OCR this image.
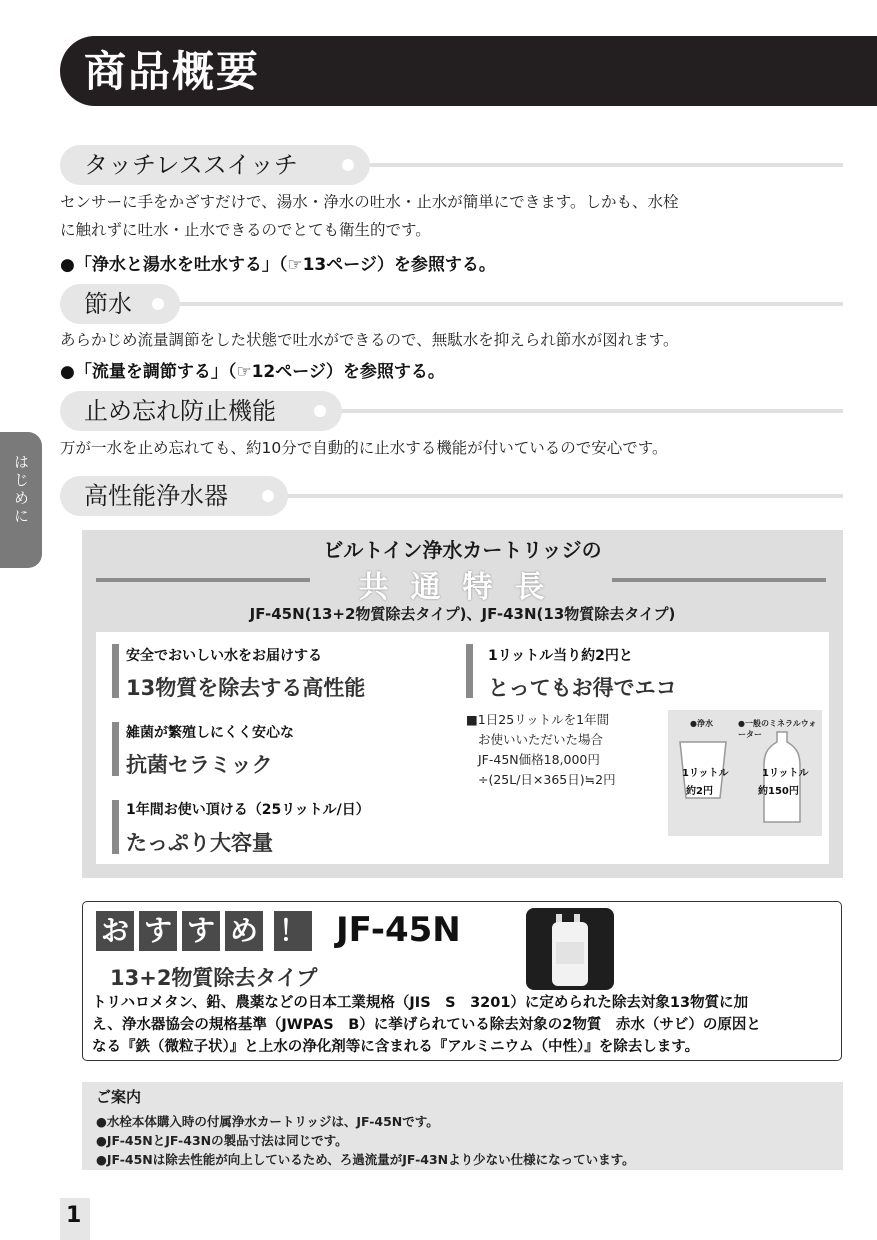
商品概要
はじめに
タッチレススイッチ
センサーに手をかざすだけで、湯水・浄水の吐水・止水が簡単にできます。しかも、水栓
に触れずに吐水・止水できるのでとても衛生的です。
●「浄水と湯水を吐水する」（☞13ページ）を参照する。
節水
あらかじめ流量調節をした状態で吐水ができるので、無駄水を抑えられ節水が図れます。
●「流量を調節する」（☞12ページ）を参照する。
止め忘れ防止機能
万が一水を止め忘れても、約10分で自動的に止水する機能が付いているので安心です。
高性能浄水器
ビルトイン浄水カートリッジの
共通特長
JF-45N(13+2物質除去タイプ)、JF-43N(13物質除去タイプ)
安全でおいしい水をお届けする
13物質を除去する高性能
雑菌が繁殖しにくく安心な
抗菌セラミック
1年間お使い頂ける（25リットル/日）
たっぷり大容量
1リットル当り約2円と
とってもお得でエコ
■1日25リットルを1年間
お使いいただいた場合
JF-45N価格18,000円
÷(25L/日×365日)≒2円
●浄水	●一般のミネラルウォーター
1リットル
約2円
1リットル
約150円
お す す め ！ JF-45N
13+2物質除去タイプ
トリハロメタン、鉛、農薬などの日本工業規格（JIS　S　3201）に定められた除去対象13物質に加
え、浄水器協会の規格基準（JWPAS　B）に挙げられている除去対象の2物質　赤水（サビ）の原因と
なる『鉄（微粒子状）』と上水の浄化剤等に含まれる『アルミニウム（中性）』を除去します。
ご案内
●水栓本体購入時の付属浄水カートリッジは、JF-45Nです。
●JF-45NとJF-43Nの製品寸法は同じです。
●JF-45Nは除去性能が向上しているため、ろ過流量がJF-43Nより少ない仕様になっています。
1
